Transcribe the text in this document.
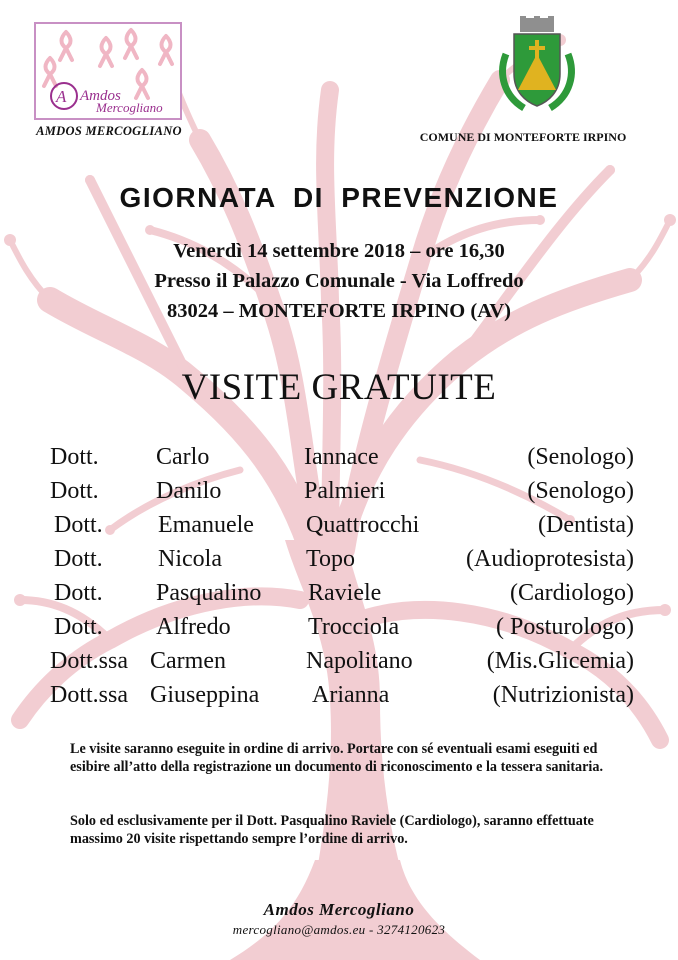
A Amdos
Mercogliano
AMDOS MERCOGLIANO	COMUNE DI MONTEFORTE IRPINO
GIORNATA DI PREVENZIONE
Venerdì 14 settembre 2018 – ore 16,30
Presso il Palazzo Comunale - Via Loffredo
83024 – MONTEFORTE IRPINO (AV)
VISITE GRATUITE
Dott. Carlo	Iannace	(Senologo)
Dott. Danilo	Palmieri	(Senologo)
Dott. Emanuele Quattrocchi	(Dentista)
Dott. Nicola	Topo	(Audioprotesista)
Dott. Pasqualino Raviele	(Cardiologo)
Dott. Alfredo	Trocciola	( Posturologo)
Dott.ssa Carmen	Napolitano	(Mis.Glicemia)
Dott.ssa Giuseppina Arianna	(Nutrizionista)
Le visite saranno eseguite in ordine di arrivo. Portare con sé eventuali esami eseguiti ed esibire all’atto della registrazione un documento di riconoscimento e la tessera sanitaria.
Solo ed esclusivamente per il Dott. Pasqualino Raviele (Cardiologo), saranno effettuate massimo 20 visite rispettando sempre l’ordine di arrivo.
Amdos Mercogliano
mercogliano@amdos.eu - 3274120623
